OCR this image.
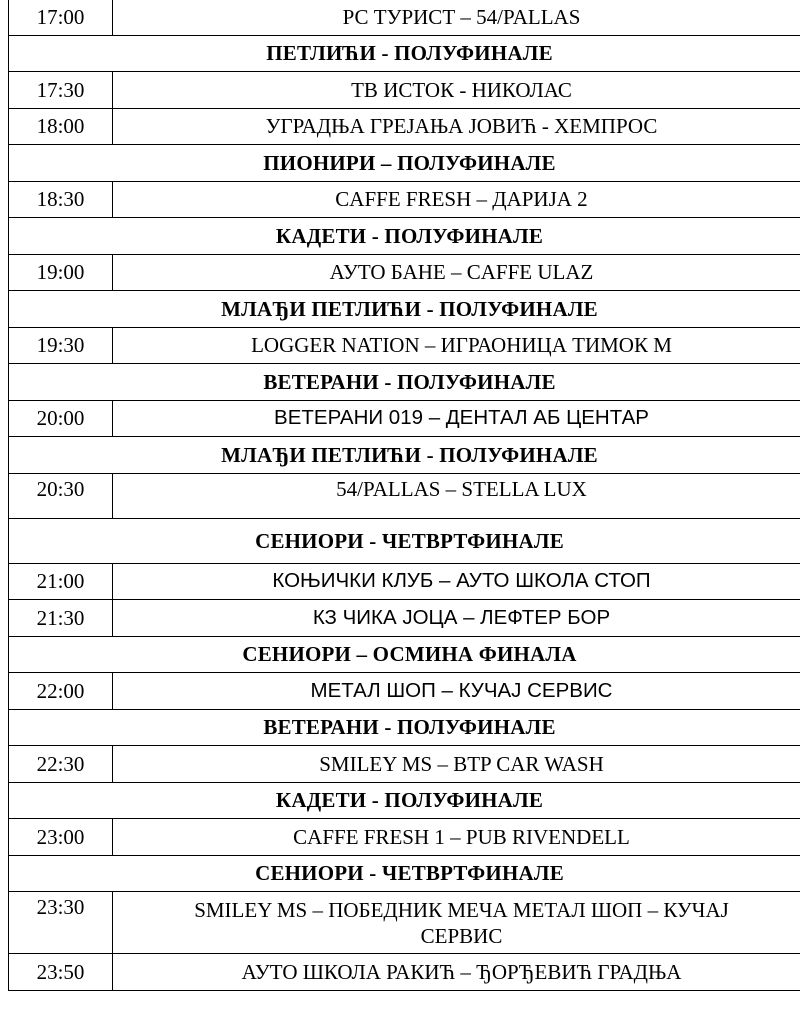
17:00	РС ТУРИСТ – 54/PALLAS
ПЕТЛИЋИ - ПОЛУФИНАЛЕ	
17:30	ТВ ИСТОК - НИКОЛАС
18:00	УГРАДЊА ГРЕЈАЊА ЈОВИЋ - ХЕМПРОС
ПИОНИРИ – ПОЛУФИНАЛЕ	
18:30	CAFFE FRESH – ДАРИЈА 2
КАДЕТИ - ПОЛУФИНАЛЕ	
19:00	АУТО БАНЕ – CAFFE ULAZ
МЛАЂИ ПЕТЛИЋИ - ПОЛУФИНАЛЕ	
19:30	LOGGER NATION – ИГРАОНИЦА ТИМОК М
ВЕТЕРАНИ - ПОЛУФИНАЛЕ	
20:00	ВЕТЕРАНИ 019 – ДЕНТАЛ АБ ЦЕНТАР
МЛАЂИ ПЕТЛИЋИ - ПОЛУФИНАЛЕ	
20:30	54/PALLAS – STELLA LUX
СЕНИОРИ - ЧЕТВРТФИНАЛЕ	
21:00	КОЊИЧКИ КЛУБ – АУТО ШКОЛА СТОП
21:30	КЗ ЧИКА ЈОЦА – ЛЕФТЕР БОР
СЕНИОРИ – ОСМИНА ФИНАЛА	
22:00	МЕТАЛ ШОП – КУЧАЈ СЕРВИС
ВЕТЕРАНИ - ПОЛУФИНАЛЕ	
22:30	SMILEY MS – BTP CAR WASH
КАДЕТИ - ПОЛУФИНАЛЕ	
23:00	CAFFE FRESH 1 – PUB RIVENDELL
СЕНИОРИ - ЧЕТВРТФИНАЛЕ	
23:30	SMILEY MS – ПОБЕДНИК МЕЧА МЕТАЛ ШОП – КУЧАЈ СЕРВИС
23:50	АУТО ШКОЛА РАКИЋ – ЂОРЂЕВИЋ ГРАДЊА
